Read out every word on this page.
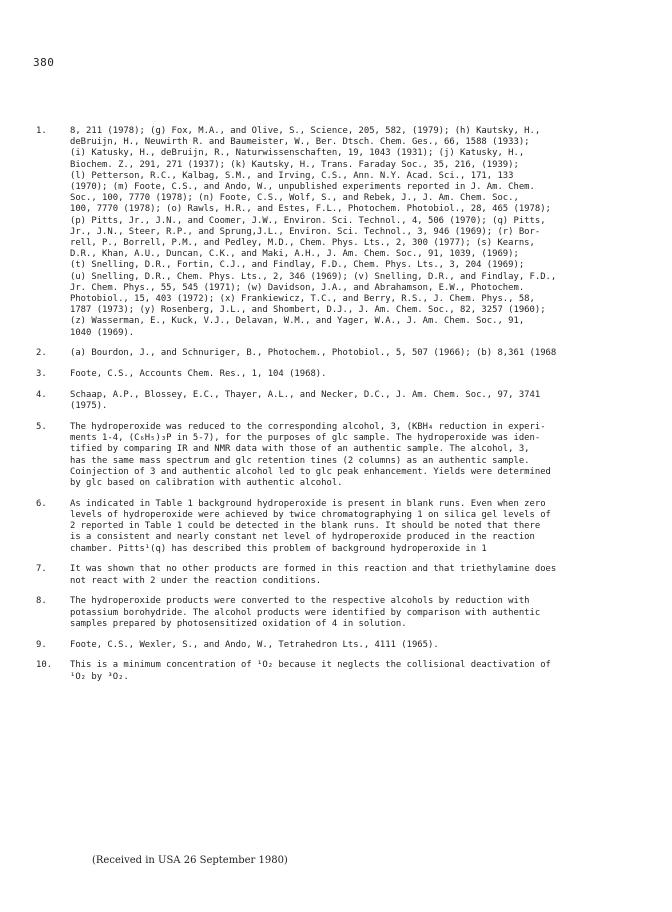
380
1.	8, 211 (1978); (g) Fox, M.A., and Olive, S., Science, 205, 582, (1979); (h) Kautsky, H.,
deBruijn, H., Neuwirth R. and Baumeister, W., Ber. Dtsch. Chem. Ges., 66, 1588 (1933);
(i) Katusky, H., deBruijn, R., Naturwissenschaften, 19, 1043 (1931); (j) Katusky, H.,
Biochem. Z., 291, 271 (1937); (k) Kautsky, H., Trans. Faraday Soc., 35, 216, (1939);
(l) Petterson, R.C., Kalbag, S.M., and Irving, C.S., Ann. N.Y. Acad. Sci., 171, 133
(1970); (m) Foote, C.S., and Ando, W., unpublished experiments reported in J. Am. Chem.
Soc., 100, 7770 (1978); (n) Foote, C.S., Wolf, S., and Rebek, J., J. Am. Chem. Soc.,
100, 7770 (1978); (o) Rawls, H.R., and Estes, F.L., Photochem. Photobiol., 28, 465 (1978);
(p) Pitts, Jr., J.N., and Coomer, J.W., Environ. Sci. Technol., 4, 506 (1970); (q) Pitts,
Jr., J.N., Steer, R.P., and Sprung,J.L., Environ. Sci. Technol., 3, 946 (1969); (r) Bor-
rell, P., Borrell, P.M., and Pedley, M.D., Chem. Phys. Lts., 2, 300 (1977); (s) Kearns,
D.R., Khan, A.U., Duncan, C.K., and Maki, A.H., J. Am. Chem. Soc., 91, 1039, (1969);
(t) Snelling, D.R., Fortin, C.J., and Findlay, F.D., Chem. Phys. Lts., 3, 204 (1969);
(u) Snelling, D.R., Chem. Phys. Lts., 2, 346 (1969); (v) Snelling, D.R., and Findlay, F.D.,
Jr. Chem. Phys., 55, 545 (1971); (w) Davidson, J.A., and Abrahamson, E.W., Photochem.
Photobiol., 15, 403 (1972); (x) Frankiewicz, T.C., and Berry, R.S., J. Chem. Phys., 58,
1787 (1973); (y) Rosenberg, J.L., and Shombert, D.J., J. Am. Chem. Soc., 82, 3257 (1960);
(z) Wasserman, E., Kuck, V.J., Delavan, W.M., and Yager, W.A., J. Am. Chem. Soc., 91,
1040 (1969).
2.	(a) Bourdon, J., and Schnuriger, B., Photochem., Photobiol., 5, 507 (1966); (b) 8,361 (1968
3.	Foote, C.S., Accounts Chem. Res., 1, 104 (1968).
4.	Schaap, A.P., Blossey, E.C., Thayer, A.L., and Necker, D.C., J. Am. Chem. Soc., 97, 3741
(1975).
5.	The hydroperoxide was reduced to the corresponding alcohol, 3, (KBH₄ reduction in experi-
ments 1-4, (C₆H₅)₃P in 5-7), for the purposes of glc sample. The hydroperoxide was iden-
tified by comparing IR and NMR data with those of an authentic sample. The alcohol, 3,
has the same mass spectrum and glc retention tines (2 columns) as an authentic sample.
Coinjection of 3 and authentic alcohol led to glc peak enhancement. Yields were determined
by glc based on calibration with authentic alcohol.
6.	As indicated in Table 1 background hydroperoxide is present in blank runs. Even when zero
levels of hydroperoxide were achieved by twice chromatographying 1 on silica gel levels of
2 reported in Table 1 could be detected in the blank runs. It should be noted that there
is a consistent and nearly constant net level of hydroperoxide produced in the reaction
chamber. Pitts¹(q) has described this problem of background hydroperoxide in 1
7.	It was shown that no other products are formed in this reaction and that triethylamine does
not react with 2 under the reaction conditions.
8.	The hydroperoxide products were converted to the respective alcohols by reduction with
potassium borohydride. The alcohol products were identified by comparison with authentic
samples prepared by photosensitized oxidation of 4 in solution.
9.	Foote, C.S., Wexler, S., and Ando, W., Tetrahedron Lts., 4111 (1965).
10.	This is a minimum concentration of ¹O₂ because it neglects the collisional deactivation of
¹O₂ by ³O₂.
(Received in USA 26 September 1980)
